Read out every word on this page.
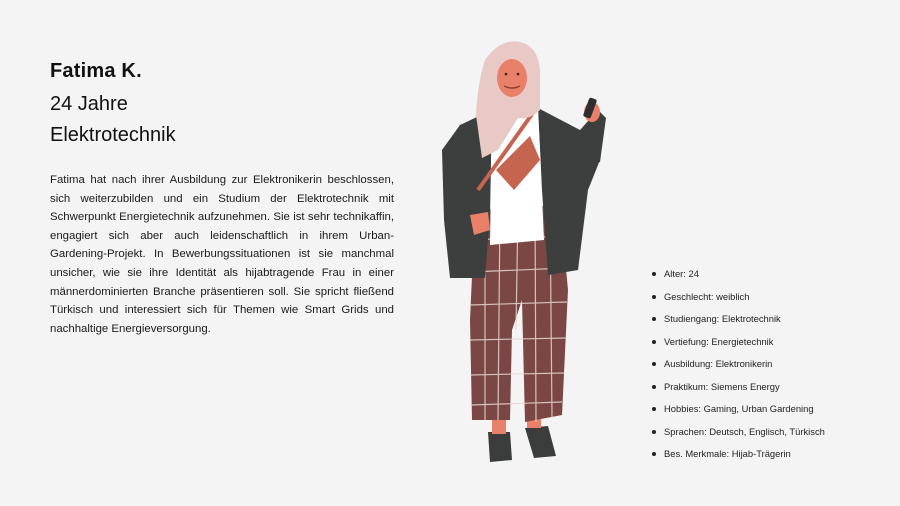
Fatima K.

24 Jahre

Elektrotechnik

Fatima hat nach ihrer Ausbildung zur Elektronikerin beschlossen, sich weiterzubilden und ein Studium der Elektrotechnik mit Schwerpunkt Energietechnik aufzunehmen. Sie ist sehr technikaffin, engagiert sich aber auch leidenschaftlich in ihrem Urban-Gardening-Projekt. In Bewerbungssituationen ist sie manchmal unsicher, wie sie ihre Identität als hijabtragende Frau in einer männerdominierten Branche präsentieren soll. Sie spricht fließend Türkisch und interessiert sich für Themen wie Smart Grids und nachhaltige Energieversorgung.

Alter: 24
Geschlecht: weiblich
Studiengang: Elektrotechnik
Vertiefung: Energietechnik
Ausbildung: Elektronikerin
Praktikum: Siemens Energy
Hobbies: Gaming, Urban Gardening
Sprachen: Deutsch, Englisch, Türkisch
Bes. Merkmale: Hijab-Trägerin
